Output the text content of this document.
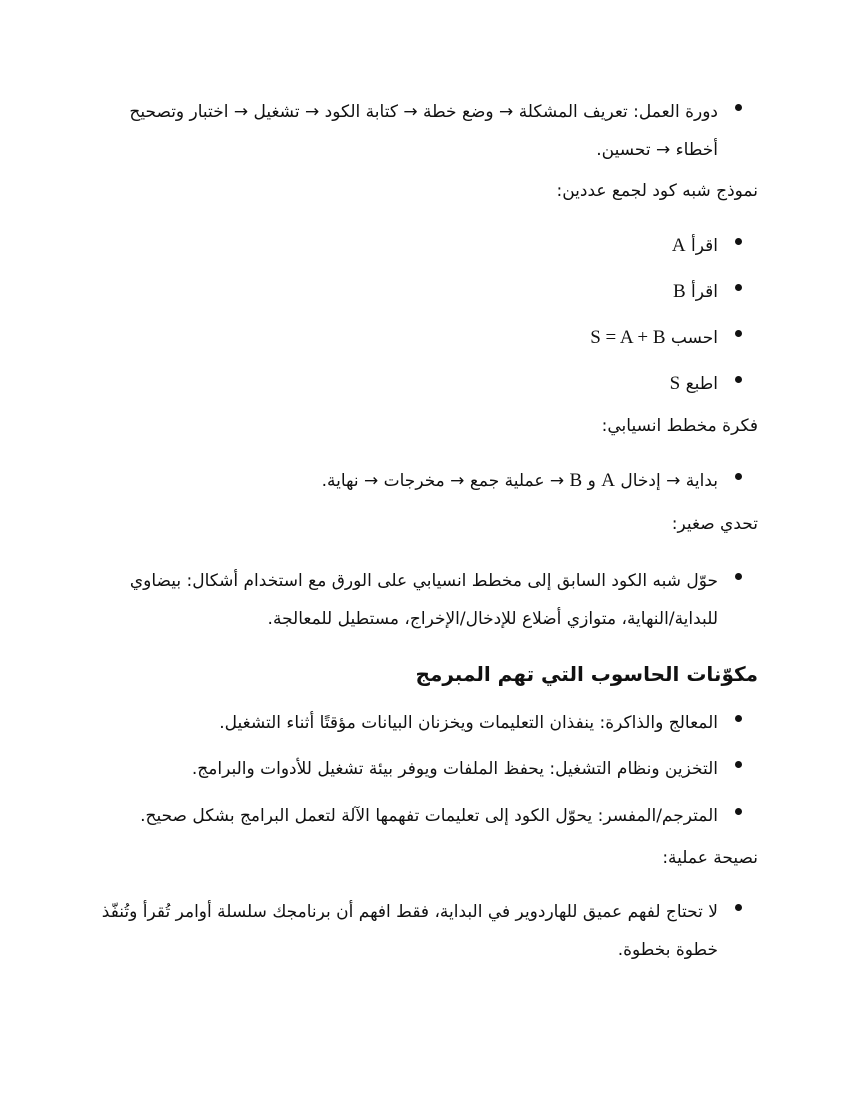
دورة العمل: تعريف المشكلة → وضع خطة → كتابة الكود → تشغيل → اختبار وتصحيح
أخطاء → تحسين.
نموذج شبه كود لجمع عددين:
اقرأ A
اقرأ B
احسب S = A + B
اطبع S
فكرة مخطط انسيابي:
بداية → إدخال A و B → عملية جمع → مخرجات → نهاية.
تحدي صغير:
حوّل شبه الكود السابق إلى مخطط انسيابي على الورق مع استخدام أشكال: بيضاوي
للبداية/النهاية، متوازي أضلاع للإدخال/الإخراج، مستطيل للمعالجة.
مكوّنات الحاسوب التي تهم المبرمج
المعالج والذاكرة: ينفذان التعليمات ويخزنان البيانات مؤقتًا أثناء التشغيل.
التخزين ونظام التشغيل: يحفظ الملفات ويوفر بيئة تشغيل للأدوات والبرامج.
المترجم/المفسر: يحوّل الكود إلى تعليمات تفهمها الآلة لتعمل البرامج بشكل صحيح.
نصيحة عملية:
لا تحتاج لفهم عميق للهاردوير في البداية، فقط افهم أن برنامجك سلسلة أوامر تُقرأ وتُنفّذ
خطوة بخطوة.
